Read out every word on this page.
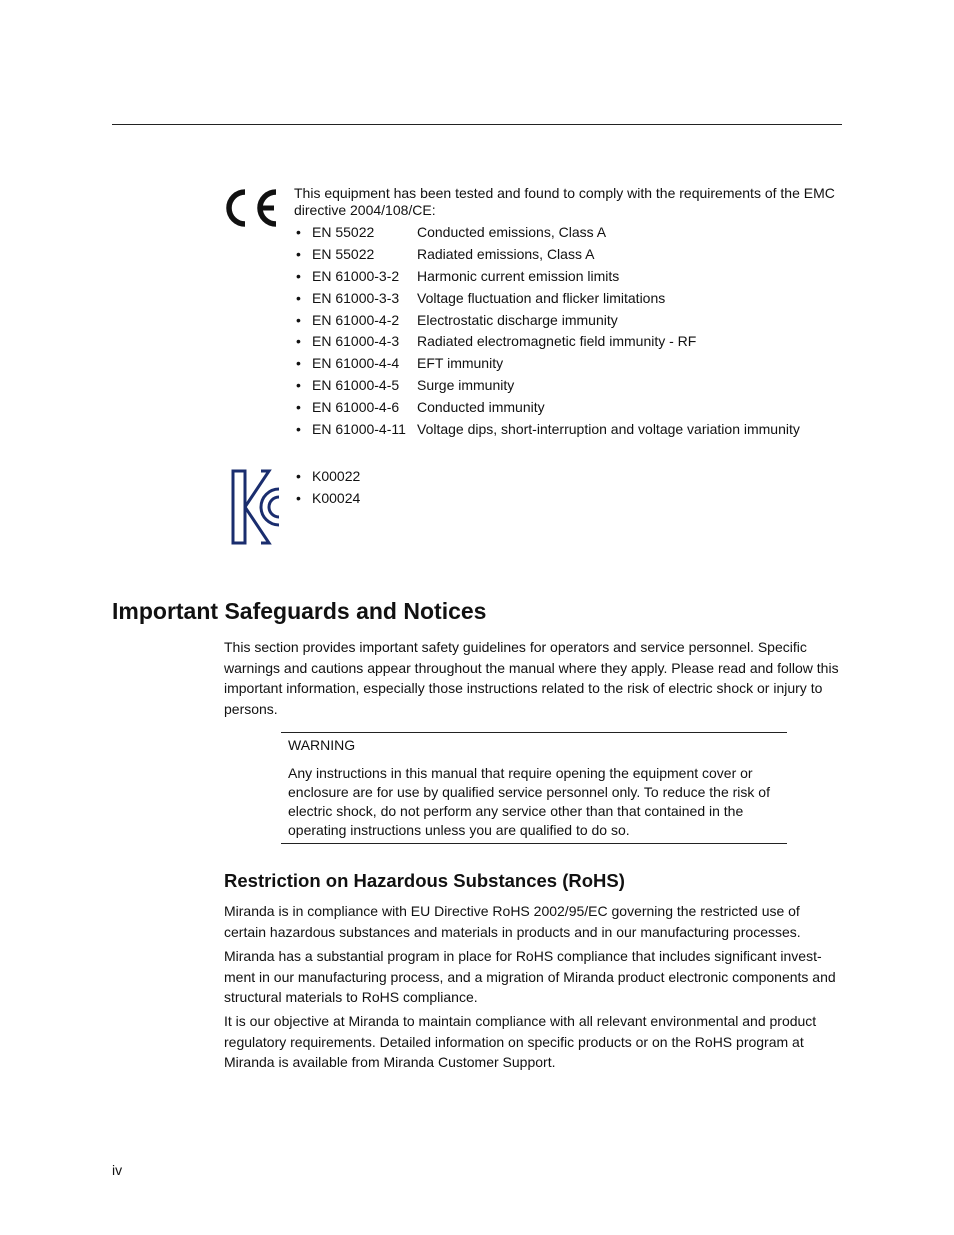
This equipment has been tested and found to comply with the requirements of the EMC directive 2004/108/CE:
• EN 55022	Conducted emissions, Class A
• EN 55022	Radiated emissions, Class A
• EN 61000-3-2	Harmonic current emission limits
• EN 61000-3-3	Voltage fluctuation and flicker limitations
• EN 61000-4-2	Electrostatic discharge immunity
• EN 61000-4-3	Radiated electromagnetic field immunity - RF
• EN 61000-4-4	EFT immunity
• EN 61000-4-5	Surge immunity
• EN 61000-4-6	Conducted immunity
• EN 61000-4-11 Voltage dips, short-interruption and voltage variation immunity
• K00022
• K00024
Important Safeguards and Notices

This section provides important safety guidelines for operators and service personnel. Specific warnings and cautions appear throughout the manual where they apply. Please read and follow this important information, especially those instructions related to the risk of electric shock or injury to persons.

WARNING

Any instructions in this manual that require opening the equipment cover or enclosure are for use by qualified service personnel only. To reduce the risk of electric shock, do not perform any service other than that contained in the operating instructions unless you are qualified to do so.

Restriction on Hazardous Substances (RoHS)

Miranda is in compliance with EU Directive RoHS 2002/95/EC governing the restricted use of certain hazardous substances and materials in products and in our manufacturing processes.

Miranda has a substantial program in place for RoHS compliance that includes significant investment in our manufacturing process, and a migration of Miranda product electronic components and structural materials to RoHS compliance.

It is our objective at Miranda to maintain compliance with all relevant environmental and product regulatory requirements. Detailed information on specific products or on the RoHS program at Miranda is available from Miranda Customer Support.

iv
